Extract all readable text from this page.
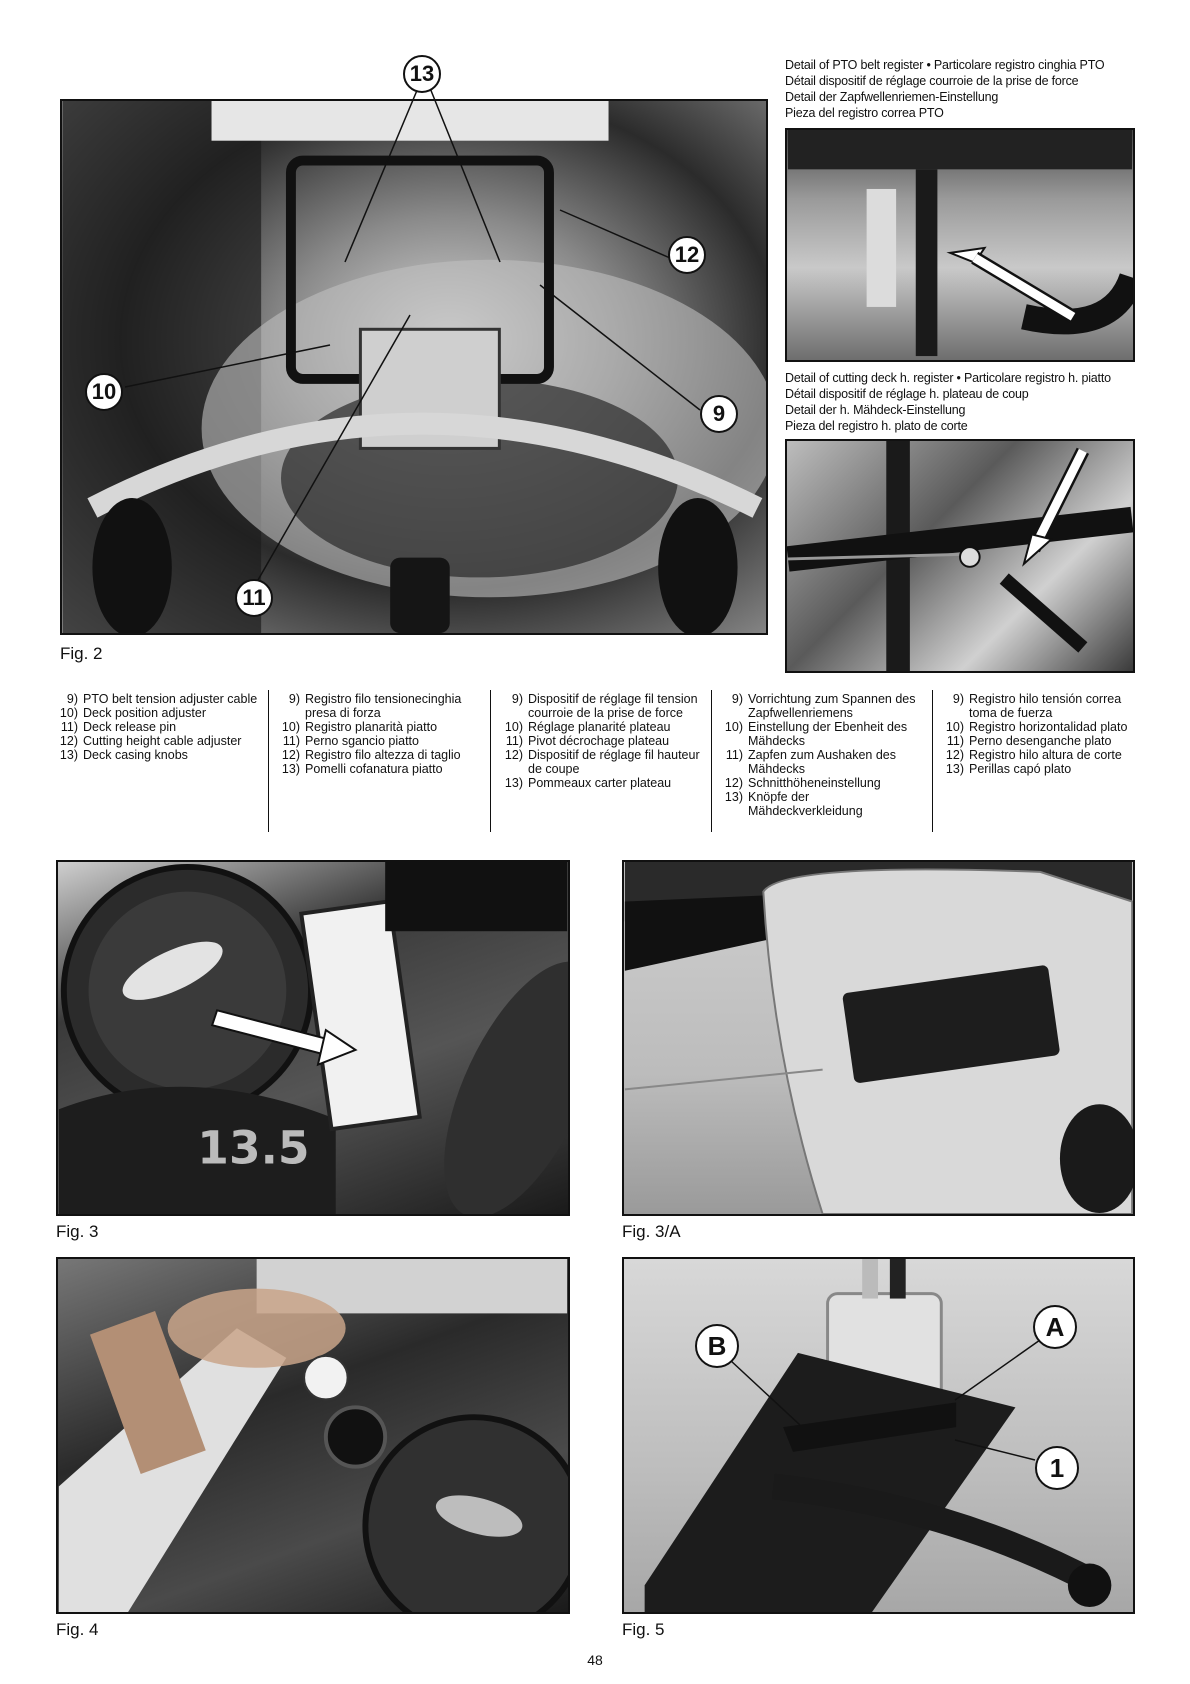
13
12
10
9
11
Fig. 2
Detail of PTO belt register • Particolare registro cinghia PTO
Détail dispositif de réglage courroie de la prise de force
Detail der Zapfwellenriemen-Einstellung
Pieza del registro correa PTO
Detail of cutting deck h. register • Particolare registro h. piatto
Détail dispositif de réglage h. plateau de coup
Detail der h. Mähdeck-Einstellung
Pieza del registro h. plato de corte
9) PTO belt tension adjuster cable
10) Deck position adjuster
11) Deck release pin
12) Cutting height cable adjuster
13) Deck casing knobs
9) Registro filo tensionecinghia presa di forza
10) Registro planarità piatto
11) Perno sgancio piatto
12) Registro filo altezza di taglio
13) Pomelli cofanatura piatto
9) Dispositif de réglage fil tension courroie de la prise de force
10) Réglage planarité plateau
11) Pivot décrochage plateau
12) Dispositif de réglage fil hauteur de coupe
13) Pommeaux carter plateau
9) Vorrichtung zum Spannen des Zapfwellenriemens
10) Einstellung der Ebenheit des Mähdecks
11) Zapfen zum Aushaken des Mähdecks
12) Schnitthöheneinstellung
13) Knöpfe der Mähdeckverkleidung
9) Registro hilo tensión correa toma de fuerza
10) Registro horizontalidad plato
11) Perno desenganche plato
12) Registro hilo altura de corte
13) Perillas capó plato
13.5
Fig. 3	Fig. 3/A
Fig. 4
A
B
1
Fig. 5
48
